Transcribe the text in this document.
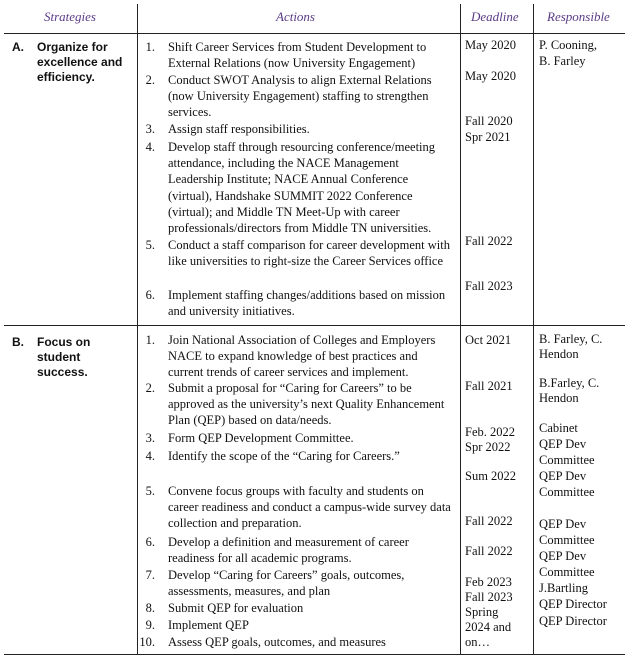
Strategies	Actions	Deadline Responsible
A. Organize for excellence and efficiency.
1. Shift Career Services from Student Development to External Relations (now University Engagement)
2. Conduct SWOT Analysis to align External Relations (now University Engagement) staffing to strengthen services.
3. Assign staff responsibilities.
4. Develop staff through resourcing conference/meeting attendance, including the NACE Management Leadership Institute; NACE Annual Conference (virtual), Handshake SUMMIT 2022 Conference (virtual); and Middle TN Meet-Up with career professionals/directors from Middle TN universities.
5. Conduct a staff comparison for career development with like universities to right-size the Career Services office
6. Implement staffing changes/additions based on mission and university initiatives.
May 2020
May 2020
Fall 2020
Spr 2021
Fall 2022
Fall 2023
P. Cooning,
B. Farley
B. Focus on student success.
1. Join National Association of Colleges and Employers NACE to expand knowledge of best practices and current trends of career services and implement.
2. Submit a proposal for “Caring for Careers” to be approved as the university’s next Quality Enhancement Plan (QEP) based on data/needs.
3. Form QEP Development Committee.
4. Identify the scope of the “Caring for Careers.”
5. Convene focus groups with faculty and students on career readiness and conduct a campus-wide survey data collection and preparation.
6. Develop a definition and measurement of career readiness for all academic programs.
7. Develop “Caring for Careers” goals, outcomes, assessments, measures, and plan
8. Submit QEP for evaluation
9. Implement QEP
10. Assess QEP goals, outcomes, and measures
Oct 2021
Fall 2021
Feb. 2022
Spr 2022
Sum 2022
Fall 2022
Fall 2022
Feb 2023
Fall 2023
Spring
2024 and
on…
B. Farley, C.
Hendon
B.Farley, C.
Hendon
Cabinet
QEP Dev
Committee
QEP Dev
Committee
QEP Dev
Committee
QEP Dev
Committee
J.Bartling
QEP Director
QEP Director
